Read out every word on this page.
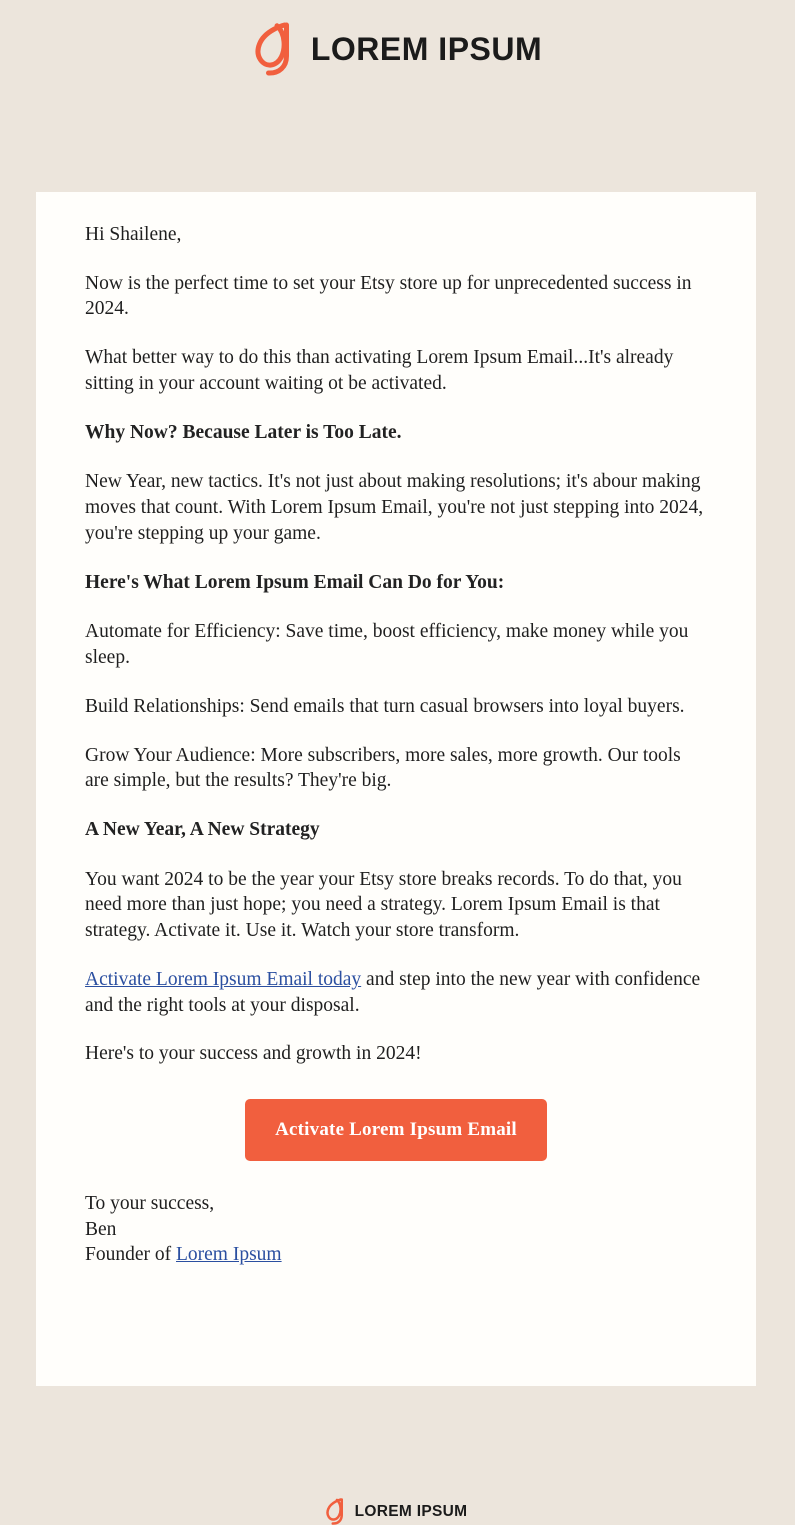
LOREM IPSUM

Hi Shailene,

Now is the perfect time to set your Etsy store up for unprecedented success in 2024.

What better way to do this than activating Lorem Ipsum Email...It's already sitting in your account waiting ot be activated.

Why Now? Because Later is Too Late.

New Year, new tactics. It's not just about making resolutions; it's abour making moves that count. With Lorem Ipsum Email, you're not just stepping into 2024, you're stepping up your game.

Here's What Lorem Ipsum Email Can Do for You:

Automate for Efficiency: Save time, boost efficiency, make money while you sleep.

Build Relationships: Send emails that turn casual browsers into loyal buyers.

Grow Your Audience: More subscribers, more sales, more growth. Our tools are simple, but the results? They're big.

A New Year, A New Strategy

You want 2024 to be the year your Etsy store breaks records. To do that, you need more than just hope; you need a strategy. Lorem Ipsum Email is that strategy. Activate it. Use it. Watch your store transform.

Activate Lorem Ipsum Email today and step into the new year with confidence and the right tools at your disposal.

Here's to your success and growth in 2024!

Activate Lorem Ipsum Email
To your success,
Ben
Founder of Lorem Ipsum
LOREM IPSUM
